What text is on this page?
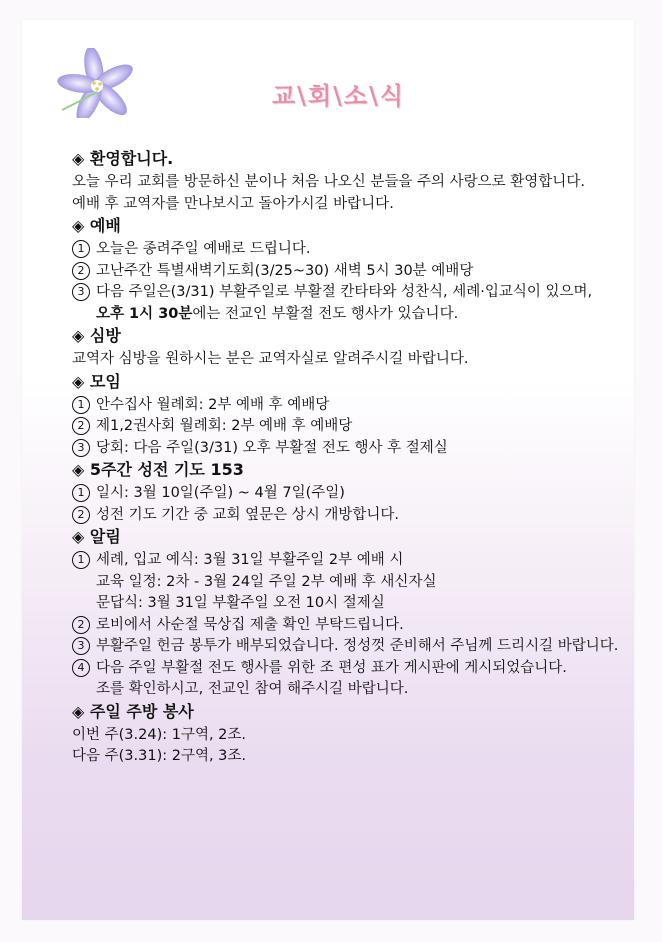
교\회\소\식
◈ 환영합니다.
오늘 우리 교회를 방문하신 분이나 처음 나오신 분들을 주의 사랑으로 환영합니다.
예배 후 교역자를 만나보시고 돌아가시길 바랍니다.
◈ 예배
1 오늘은 종려주일 예배로 드립니다.
2 고난주간 특별새벽기도회(3/25~30) 새벽 5시 30분 예배당
3 다음 주일은(3/31) 부활주일로 부활절 칸타타와 성찬식, 세례·입교식이 있으며,
오후 1시 30분에는 전교인 부활절 전도 행사가 있습니다.
◈ 심방
교역자 심방을 원하시는 분은 교역자실로 알려주시길 바랍니다.
◈ 모임
1 안수집사 월례회: 2부 예배 후 예배당
2 제1,2권사회 월례회: 2부 예배 후 예배당
3 당회: 다음 주일(3/31) 오후 부활절 전도 행사 후 절제실
◈ 5주간 성전 기도 153
1 일시: 3월 10일(주일) ~ 4월 7일(주일)
2 성전 기도 기간 중 교회 옆문은 상시 개방합니다.
◈ 알림
1 세례, 입교 예식: 3월 31일 부활주일 2부 예배 시
교육 일정: 2차 - 3월 24일 주일 2부 예배 후 새신자실
문답식: 3월 31일 부활주일 오전 10시 절제실
2 로비에서 사순절 묵상집 제출 확인 부탁드립니다.
3 부활주일 헌금 봉투가 배부되었습니다. 정성껏 준비해서 주님께 드리시길 바랍니다.
4 다음 주일 부활절 전도 행사를 위한 조 편성 표가 게시판에 게시되었습니다.
조를 확인하시고, 전교인 참여 해주시길 바랍니다.
◈ 주일 주방 봉사
이번 주(3.24): 1구역, 2조.
다음 주(3.31): 2구역, 3조.
